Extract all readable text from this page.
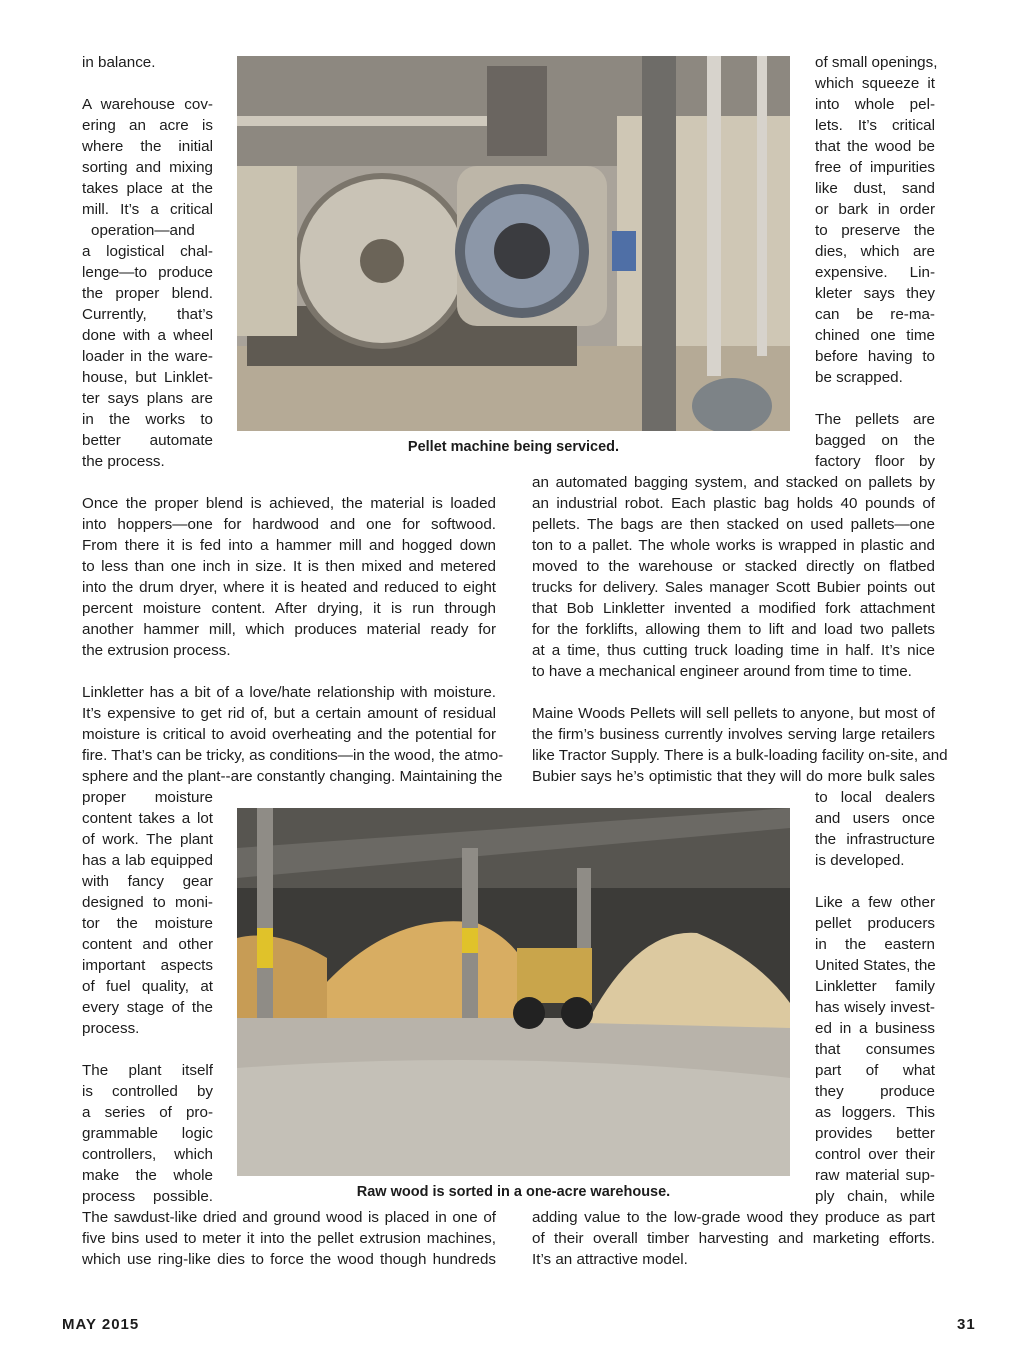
Pellet machine being serviced.
Raw wood is sorted in a one-acre warehouse.
in balance.
A warehouse cov-
ering an acre is
where the initial
sorting and mixing
takes place at the
mill. It’s a critical
operation—and
a logistical chal-
lenge—to produce
the proper blend.
Currently, that’s
done with a wheel
loader in the ware-
house, but Linklet-
ter says plans are
in the works to
better automate
the process.
of small openings,
which squeeze it
into whole pel-
lets. It’s critical
that the wood be
free of impurities
like dust, sand
or bark in order
to preserve the
dies, which are
expensive. Lin-
kleter says they
can be re-ma-
chined one time
before having to
be scrapped.
The pellets are
bagged on the
factory floor by
Once the proper blend is achieved, the material is loaded
into hoppers—one for hardwood and one for softwood.
From there it is fed into a hammer mill and hogged down
to less than one inch in size. It is then mixed and metered
into the drum dryer, where it is heated and reduced to eight
percent moisture content. After drying, it is run through
another hammer mill, which produces material ready for
the extrusion process.
Linkletter has a bit of a love/hate relationship with moisture.
It’s expensive to get rid of, but a certain amount of residual
moisture is critical to avoid overheating and the potential for
fire. That’s can be tricky, as conditions—in the wood, the atmo-
sphere and the plant--are constantly changing. Maintaining the
an automated bagging system, and stacked on pallets by
an industrial robot. Each plastic bag holds 40 pounds of
pellets. The bags are then stacked on used pallets—one
ton to a pallet. The whole works is wrapped in plastic and
moved to the warehouse or stacked directly on flatbed
trucks for delivery. Sales manager Scott Bubier points out
that Bob Linkletter invented a modified fork attachment
for the forklifts, allowing them to lift and load two pallets
at a time, thus cutting truck loading time in half. It’s nice
to have a mechanical engineer around from time to time.
Maine Woods Pellets will sell pellets to anyone, but most of
the firm’s business currently involves serving large retailers
like Tractor Supply. There is a bulk-loading facility on-site, and
Bubier says he’s optimistic that they will do more bulk sales
proper moisture
content takes a lot
of work. The plant
has a lab equipped
with fancy gear
designed to moni-
tor the moisture
content and other
important aspects
of fuel quality, at
every stage of the
process.
The plant itself
is controlled by
a series of pro-
grammable logic
controllers, which
make the whole
process possible.
to local dealers
and users once
the infrastructure
is developed.
Like a few other
pellet producers
in the eastern
United States, the
Linkletter family
has wisely invest-
ed in a business
that consumes
part of what
they produce
as loggers. This
provides better
control over their
raw material sup-
ply chain, while
The sawdust-like dried and ground wood is placed in one of
five bins used to meter it into the pellet extrusion machines,
which use ring-like dies to force the wood though hundreds
adding value to the low-grade wood they produce as part
of their overall timber harvesting and marketing efforts.
It’s an attractive model.
MAY 2015	31
